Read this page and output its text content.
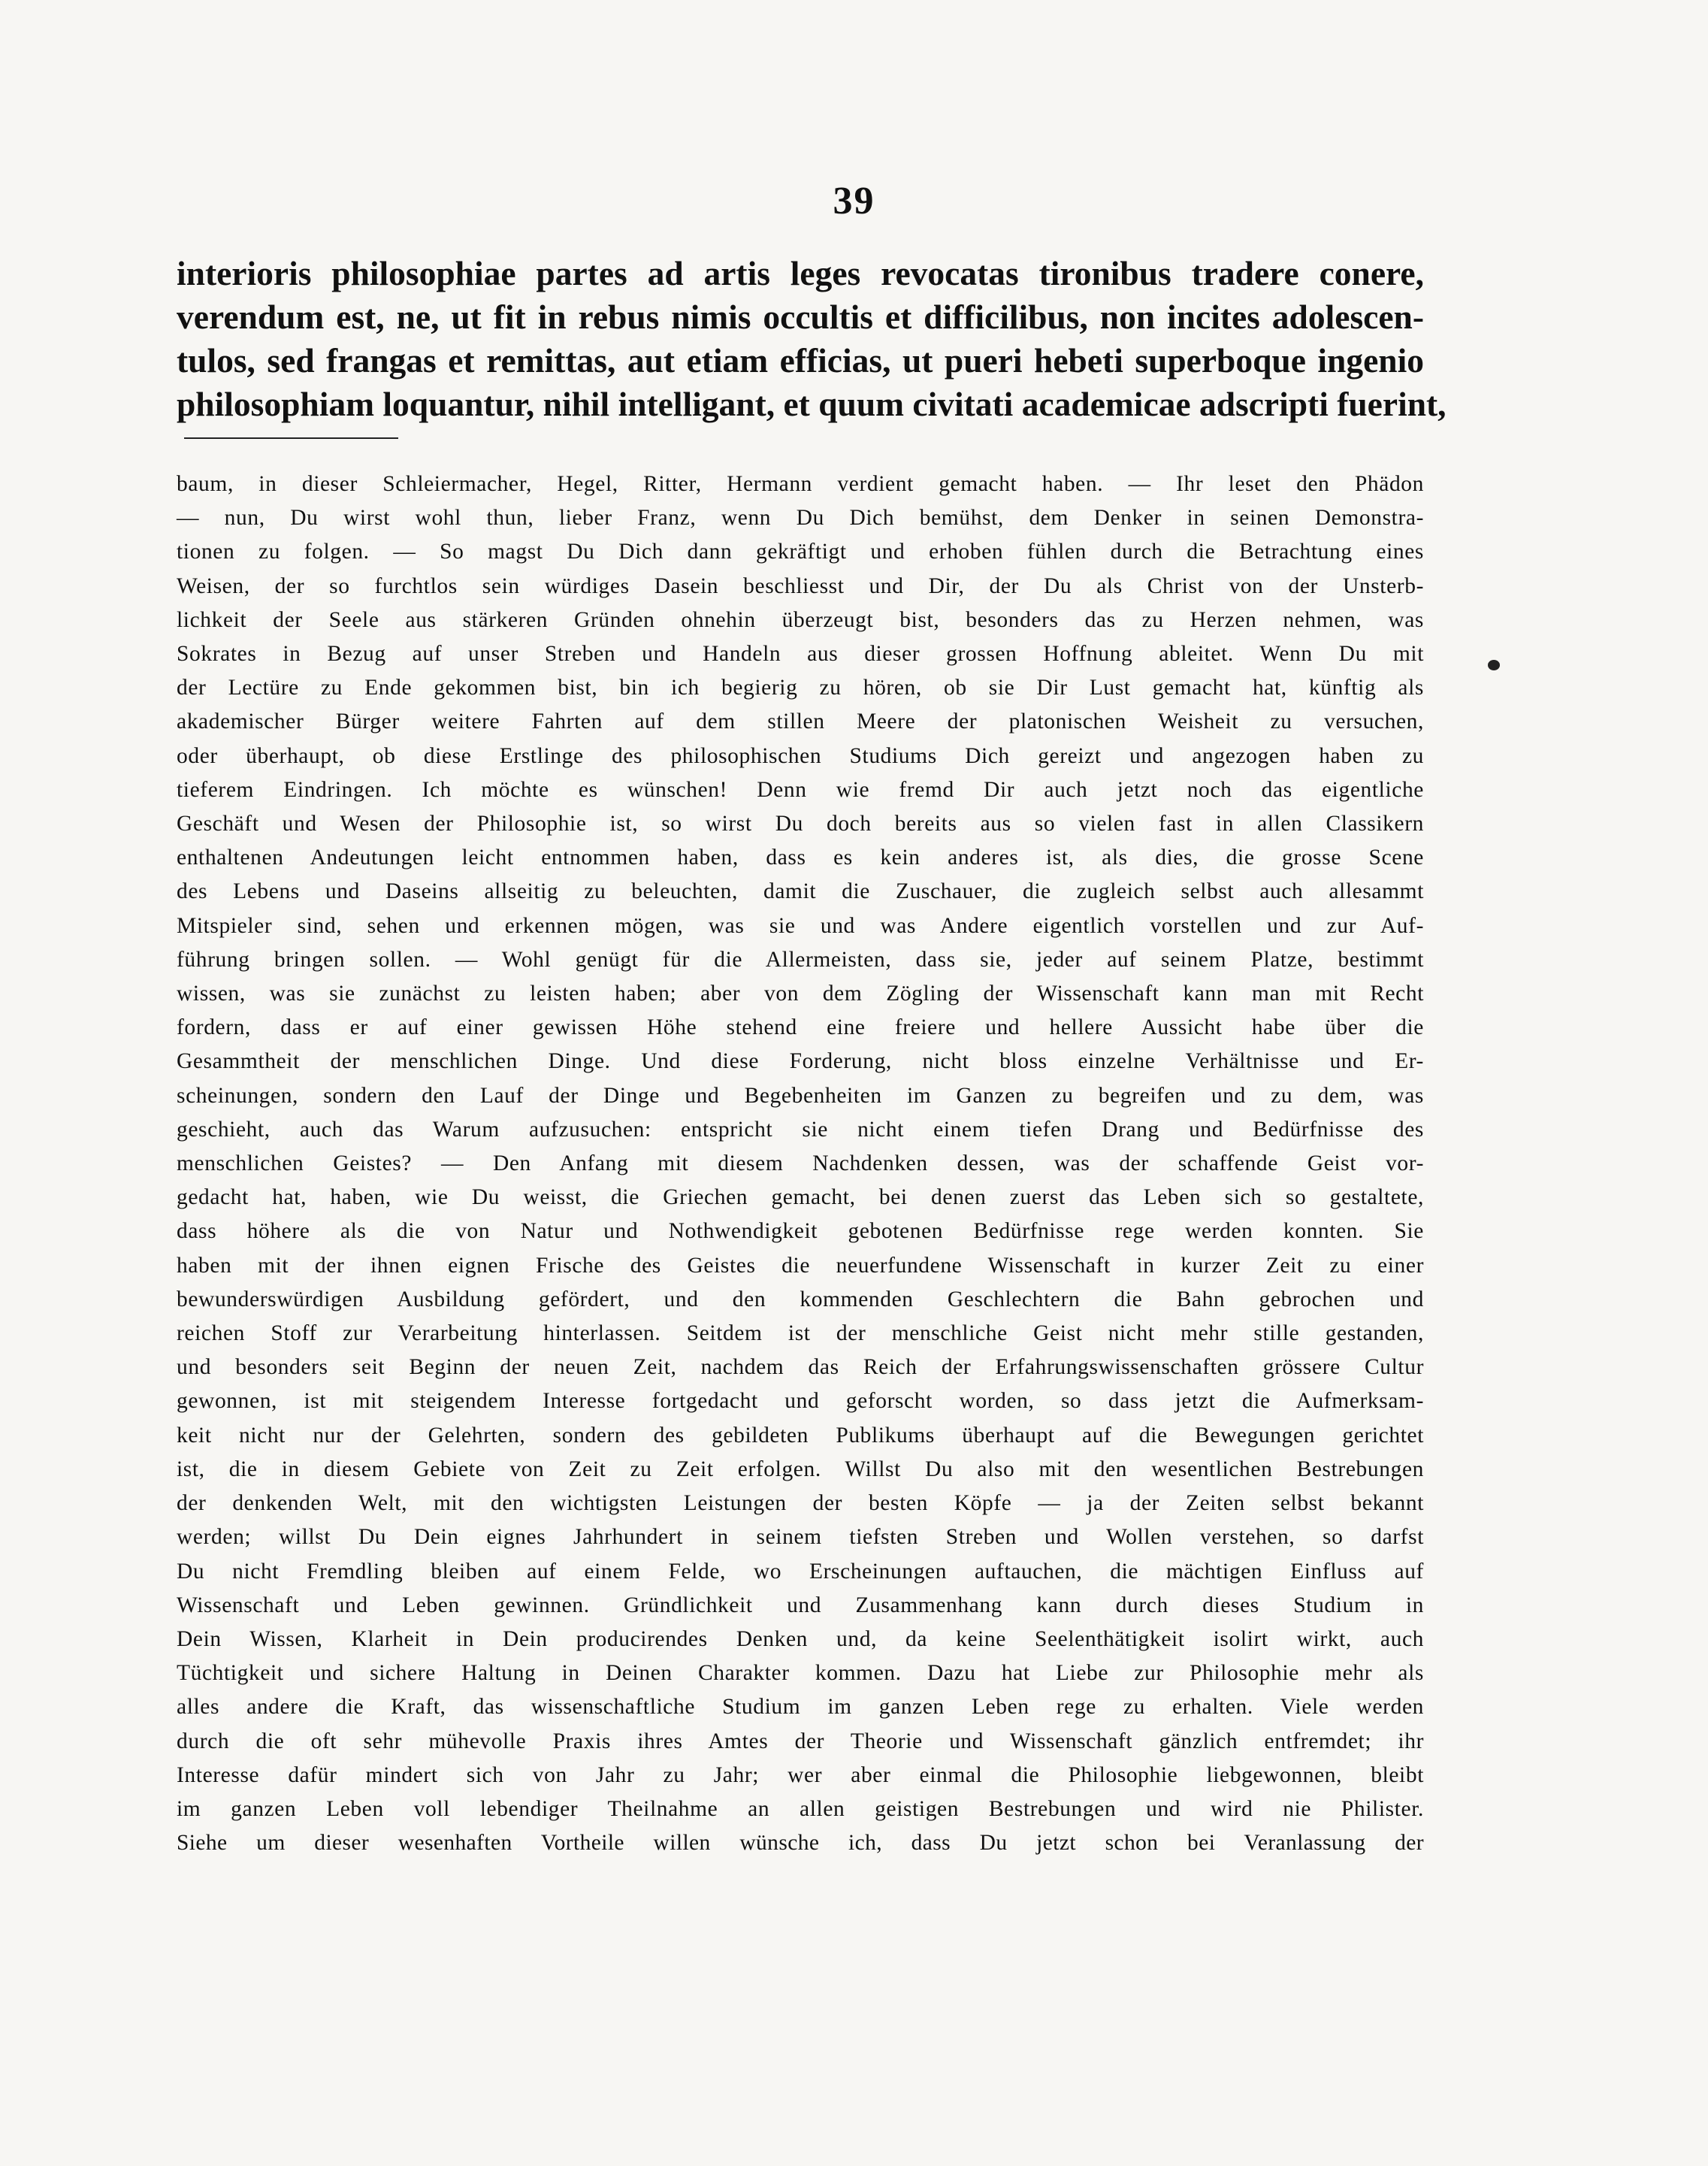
39
interioris philosophiae partes ad artis leges revocatas tironibus tradere conere,
verendum est, ne, ut fit in rebus nimis occultis et difficilibus, non incites adolescen-
tulos, sed frangas et remittas, aut etiam efficias, ut pueri hebeti superboque ingenio
philosophiam loquantur, nihil intelligant, et quum civitati academicae adscripti fuerint,
baum, in dieser Schleiermacher, Hegel, Ritter, Hermann verdient gemacht haben. — Ihr leset den Phädon
— nun, Du wirst wohl thun, lieber Franz, wenn Du Dich bemühst, dem Denker in seinen Demonstra-
tionen zu folgen. — So magst Du Dich dann gekräftigt und erhoben fühlen durch die Betrachtung eines
Weisen, der so furchtlos sein würdiges Dasein beschliesst und Dir, der Du als Christ von der Unsterb-
lichkeit der Seele aus stärkeren Gründen ohnehin überzeugt bist, besonders das zu Herzen nehmen, was
Sokrates in Bezug auf unser Streben und Handeln aus dieser grossen Hoffnung ableitet. Wenn Du mit
der Lectüre zu Ende gekommen bist, bin ich begierig zu hören, ob sie Dir Lust gemacht hat, künftig als
akademischer Bürger weitere Fahrten auf dem stillen Meere der platonischen Weisheit zu versuchen,
oder überhaupt, ob diese Erstlinge des philosophischen Studiums Dich gereizt und angezogen haben zu
tieferem Eindringen. Ich möchte es wünschen! Denn wie fremd Dir auch jetzt noch das eigentliche
Geschäft und Wesen der Philosophie ist, so wirst Du doch bereits aus so vielen fast in allen Classikern
enthaltenen Andeutungen leicht entnommen haben, dass es kein anderes ist, als dies, die grosse Scene
des Lebens und Daseins allseitig zu beleuchten, damit die Zuschauer, die zugleich selbst auch allesammt
Mitspieler sind, sehen und erkennen mögen, was sie und was Andere eigentlich vorstellen und zur Auf-
führung bringen sollen. — Wohl genügt für die Allermeisten, dass sie, jeder auf seinem Platze, bestimmt
wissen, was sie zunächst zu leisten haben; aber von dem Zögling der Wissenschaft kann man mit Recht
fordern, dass er auf einer gewissen Höhe stehend eine freiere und hellere Aussicht habe über die
Gesammtheit der menschlichen Dinge. Und diese Forderung, nicht bloss einzelne Verhältnisse und Er-
scheinungen, sondern den Lauf der Dinge und Begebenheiten im Ganzen zu begreifen und zu dem, was
geschieht, auch das Warum aufzusuchen: entspricht sie nicht einem tiefen Drang und Bedürfnisse des
menschlichen Geistes? — Den Anfang mit diesem Nachdenken dessen, was der schaffende Geist vor-
gedacht hat, haben, wie Du weisst, die Griechen gemacht, bei denen zuerst das Leben sich so gestaltete,
dass höhere als die von Natur und Nothwendigkeit gebotenen Bedürfnisse rege werden konnten. Sie
haben mit der ihnen eignen Frische des Geistes die neuerfundene Wissenschaft in kurzer Zeit zu einer
bewunderswürdigen Ausbildung gefördert, und den kommenden Geschlechtern die Bahn gebrochen und
reichen Stoff zur Verarbeitung hinterlassen. Seitdem ist der menschliche Geist nicht mehr stille gestanden,
und besonders seit Beginn der neuen Zeit, nachdem das Reich der Erfahrungswissenschaften grössere Cultur
gewonnen, ist mit steigendem Interesse fortgedacht und geforscht worden, so dass jetzt die Aufmerksam-
keit nicht nur der Gelehrten, sondern des gebildeten Publikums überhaupt auf die Bewegungen gerichtet
ist, die in diesem Gebiete von Zeit zu Zeit erfolgen. Willst Du also mit den wesentlichen Bestrebungen
der denkenden Welt, mit den wichtigsten Leistungen der besten Köpfe — ja der Zeiten selbst bekannt
werden; willst Du Dein eignes Jahrhundert in seinem tiefsten Streben und Wollen verstehen, so darfst
Du nicht Fremdling bleiben auf einem Felde, wo Erscheinungen auftauchen, die mächtigen Einfluss auf
Wissenschaft und Leben gewinnen. Gründlichkeit und Zusammenhang kann durch dieses Studium in
Dein Wissen, Klarheit in Dein producirendes Denken und, da keine Seelenthätigkeit isolirt wirkt, auch
Tüchtigkeit und sichere Haltung in Deinen Charakter kommen. Dazu hat Liebe zur Philosophie mehr als
alles andere die Kraft, das wissenschaftliche Studium im ganzen Leben rege zu erhalten. Viele werden
durch die oft sehr mühevolle Praxis ihres Amtes der Theorie und Wissenschaft gänzlich entfremdet; ihr
Interesse dafür mindert sich von Jahr zu Jahr; wer aber einmal die Philosophie liebgewonnen, bleibt
im ganzen Leben voll lebendiger Theilnahme an allen geistigen Bestrebungen und wird nie Philister.
Siehe um dieser wesenhaften Vortheile willen wünsche ich, dass Du jetzt schon bei Veranlassung der
